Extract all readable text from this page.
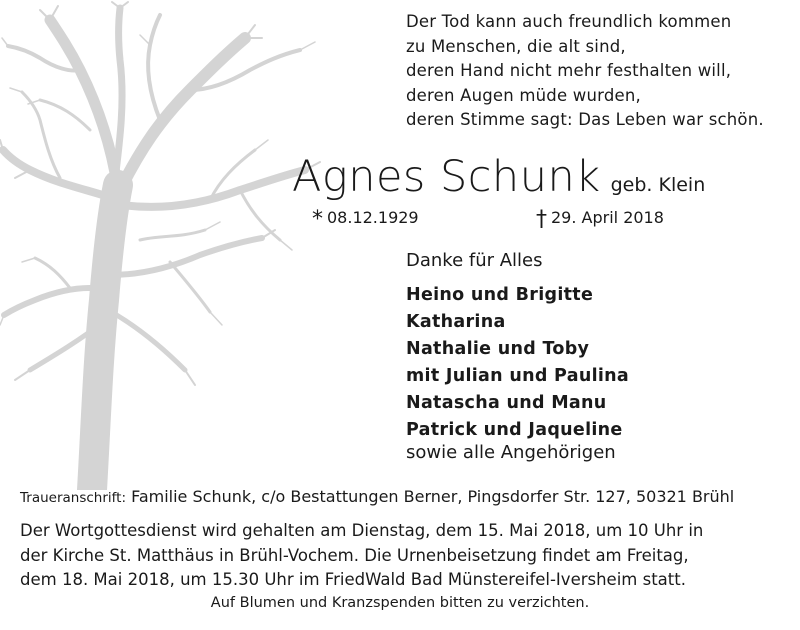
Der Tod kann auch freundlich kommen
zu Menschen, die alt sind,
deren Hand nicht mehr festhalten will,
deren Augen müde wurden,
deren Stimme sagt: Das Leben war schön.
Agnes Schunk geb. Klein
* 08.12.1929	† 29. April 2018
Danke für Alles
Heino und Brigitte
Katharina
Nathalie und Toby
mit Julian und Paulina
Natascha und Manu
Patrick und Jaqueline
sowie alle Angehörigen
Traueranschrift: Familie Schunk, c/o Bestattungen Berner, Pingsdorfer Str. 127, 50321 Brühl
Der Wortgottesdienst wird gehalten am Dienstag, dem 15. Mai 2018, um 10 Uhr in
der Kirche St. Matthäus in Brühl-Vochem. Die Urnenbeisetzung findet am Freitag,
dem 18. Mai 2018, um 15.30 Uhr im FriedWald Bad Münstereifel-Iversheim statt.
Auf Blumen und Kranzspenden bitten zu verzichten.
